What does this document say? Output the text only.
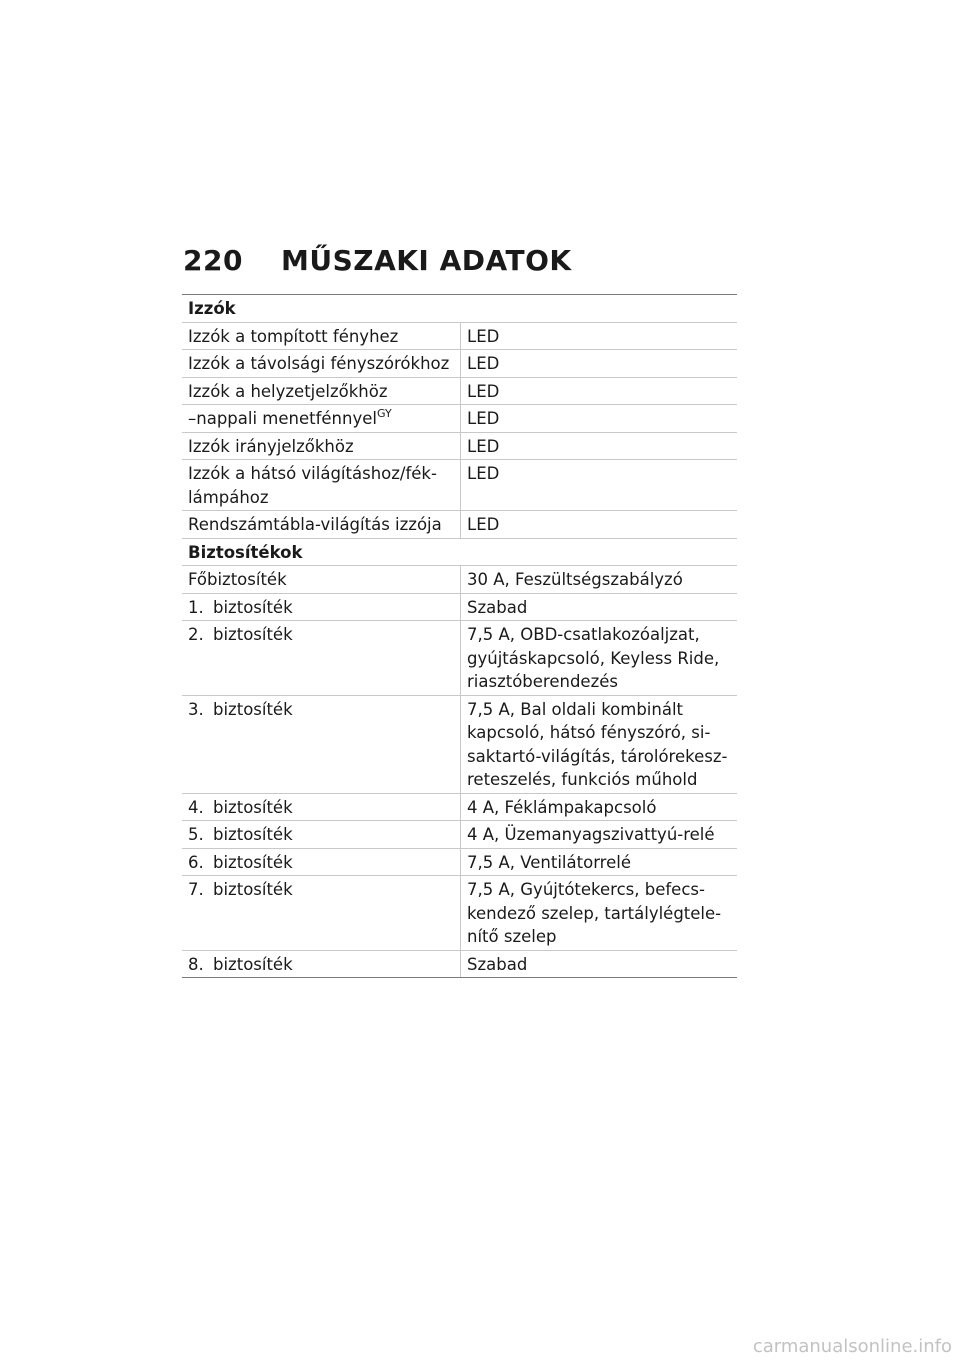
220 MŰSZAKI ADATOK
Izzók	
Izzók a tompított fényhez	LED
Izzók a távolsági fényszórókhoz	LED
Izzók a helyzetjelzőkhöz	LED
–nappali menetfénnyel$^{GY}$	LED
Izzók irányjelzőkhöz	LED
Izzók a hátsó világításhoz/fék-lámpához	LED
Rendszámtábla-világítás izzója	LED
Biztosítékok	
Főbiztosíték	30 A, Feszültségszabályzó
1. biztosíték	Szabad
2. biztosíték	7,5 A, OBD-csatlakozóaljzat, gyújtáskapcsoló, Keyless Ride, riasztóberendezés
3. biztosíték	7,5 A, Bal oldali kombinált kapcsoló, hátsó fényszóró, si-saktartó-világítás, tárolórekesz-reteszelés, funkciós műhold
4. biztosíték	4 A, Féklámpakapcsoló
5. biztosíték	4 A, Üzemanyagszivattyú-relé
6. biztosíték	7,5 A, Ventilátorrelé
7. biztosíték	7,5 A, Gyújtótekercs, befecs-kendező szelep, tartálylégtele-nítő szelep
8. biztosíték	Szabad
carmanualsonline.info
